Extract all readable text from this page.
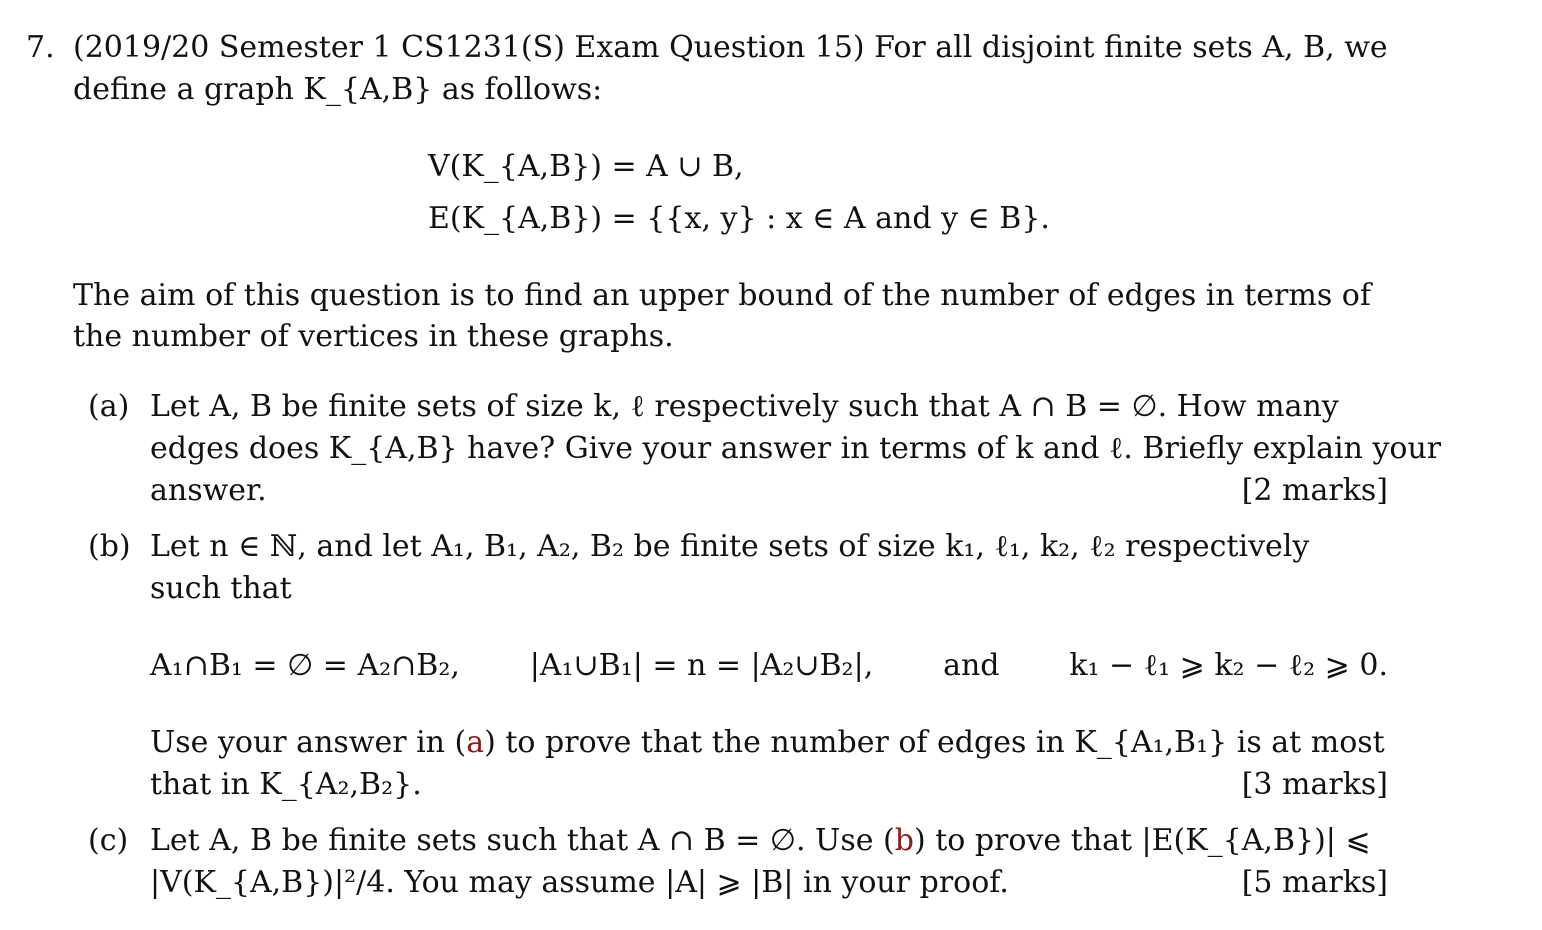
7. (2019/20 Semester 1 CS1231(S) Exam Question 15) For all disjoint finite sets A, B, we
define a graph K_{A,B} as follows:
V(K_{A,B}) = A ∪ B,
E(K_{A,B}) = {{x, y} : x ∈ A and y ∈ B}.
The aim of this question is to find an upper bound of the number of edges in terms of
the number of vertices in these graphs.
(a) Let A, B be finite sets of size k, ℓ respectively such that A ∩ B = ∅. How many
edges does K_{A,B} have? Give your answer in terms of k and ℓ. Briefly explain your
answer.	[2 marks]
(b) Let n ∈ ℕ, and let A₁, B₁, A₂, B₂ be finite sets of size k₁, ℓ₁, k₂, ℓ₂ respectively
such that
A₁∩B₁ = ∅ = A₂∩B₂, |A₁∪B₁| = n = |A₂∪B₂|, and k₁ − ℓ₁ ⩾ k₂ − ℓ₂ ⩾ 0.
Use your answer in (a) to prove that the number of edges in K_{A₁,B₁} is at most
that in K_{A₂,B₂}.	[3 marks]
(c) Let A, B be finite sets such that A ∩ B = ∅. Use (b) to prove that |E(K_{A,B})| ⩽
|V(K_{A,B})|²/4. You may assume |A| ⩾ |B| in your proof.	[5 marks]
